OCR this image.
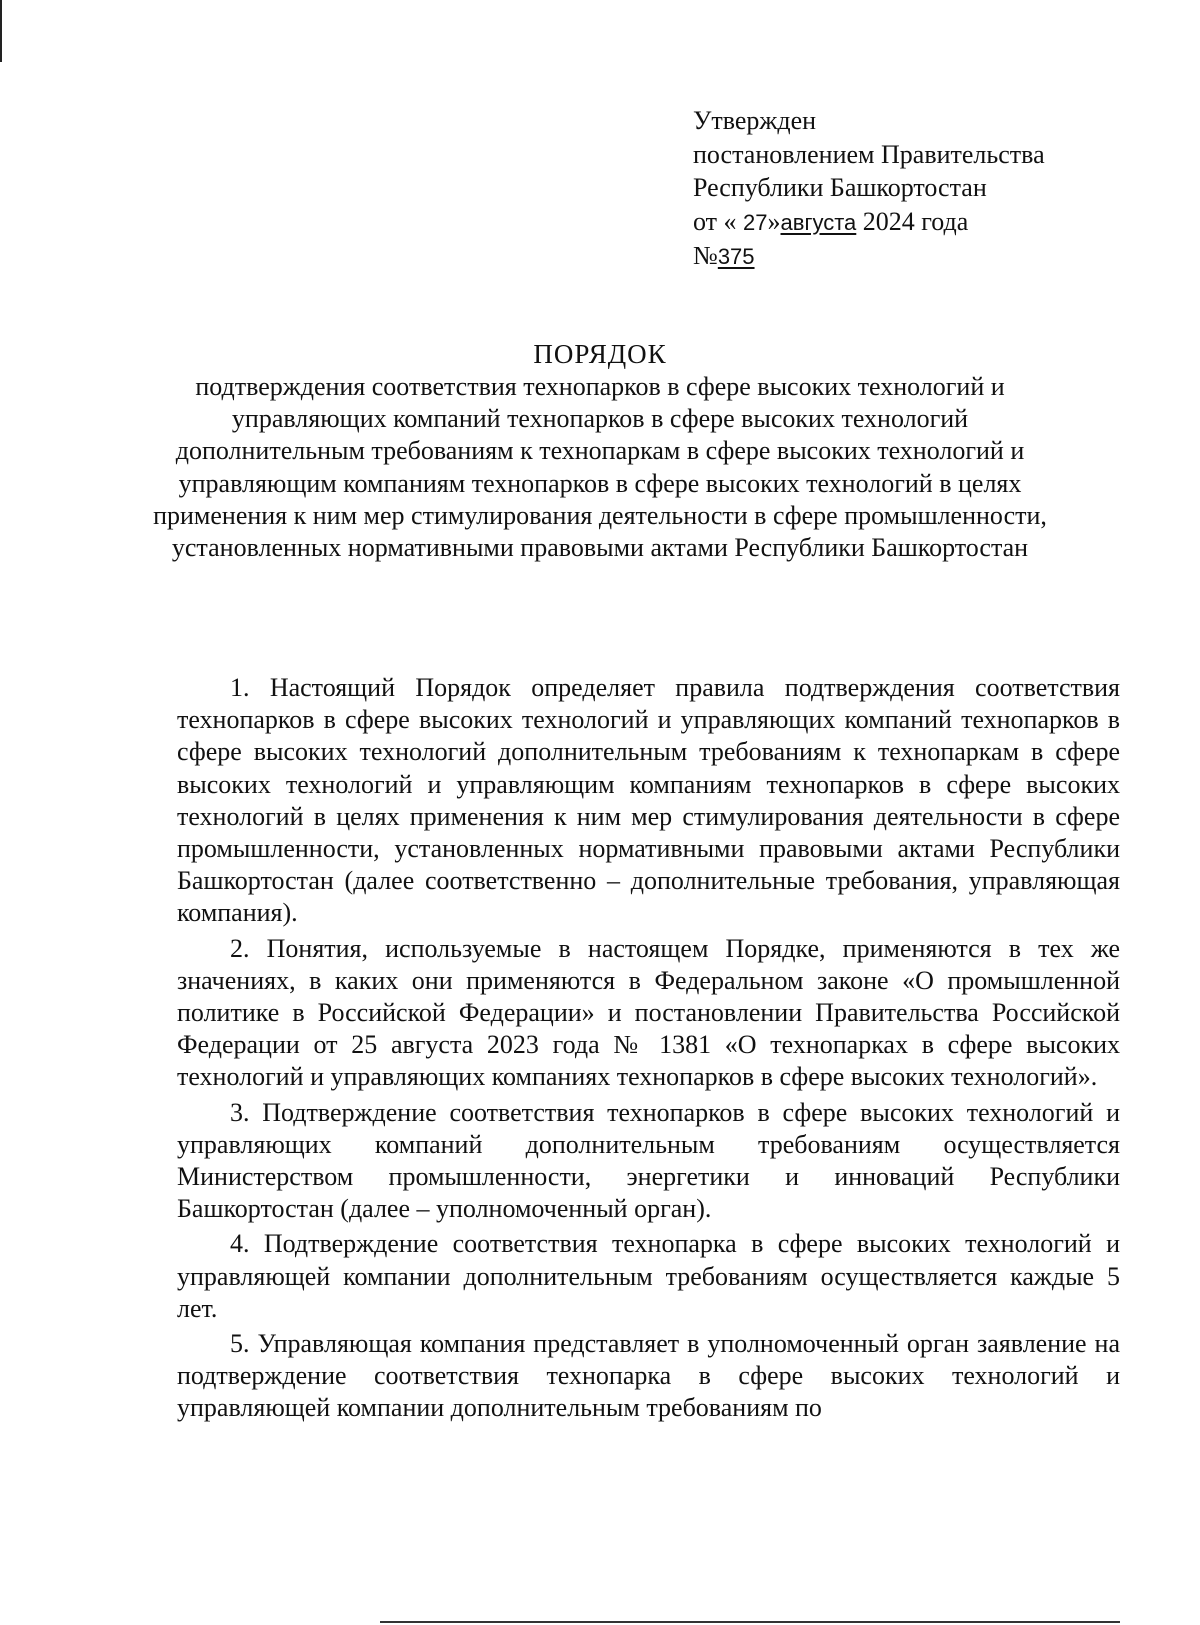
Утвержден
постановлением Правительства
Республики Башкортостан
от « 27»августа 2024 года
№375
ПОРЯДОК
подтверждения соответствия технопарков в сфере высоких технологий и управляющих компаний технопарков в сфере высоких технологий дополнительным требованиям к технопаркам в сфере высоких технологий и управляющим компаниям технопарков в сфере высоких технологий в целях применения к ним мер стимулирования деятельности в сфере промышленности, установленных нормативными правовыми актами Республики Башкортостан

1. Настоящий Порядок определяет правила подтверждения соответствия технопарков в сфере высоких технологий и управляющих компаний технопарков в сфере высоких технологий дополнительным требованиям к технопаркам в сфере высоких технологий и управляющим компаниям технопарков в сфере высоких технологий в целях применения к ним мер стимулирования деятельности в сфере промышленности, установленных нормативными правовыми актами Республики Башкортостан (далее соответственно – дополнительные требования, управляющая компания).

2. Понятия, используемые в настоящем Порядке, применяются в тех же значениях, в каких они применяются в Федеральном законе «О промышленной политике в Российской Федерации» и постановлении Правительства Российской Федерации от 25 августа 2023 года № 1381 «О технопарках в сфере высоких технологий и управляющих компаниях технопарков в сфере высоких технологий».

3. Подтверждение соответствия технопарков в сфере высоких технологий и управляющих компаний дополнительным требованиям осуществляется Министерством промышленности, энергетики и инноваций Республики Башкортостан (далее – уполномоченный орган).

4. Подтверждение соответствия технопарка в сфере высоких технологий и управляющей компании дополнительным требованиям осуществляется каждые 5 лет.

5. Управляющая компания представляет в уполномоченный орган заявление на подтверждение соответствия технопарка в сфере высоких технологий и управляющей компании дополнительным требованиям по
